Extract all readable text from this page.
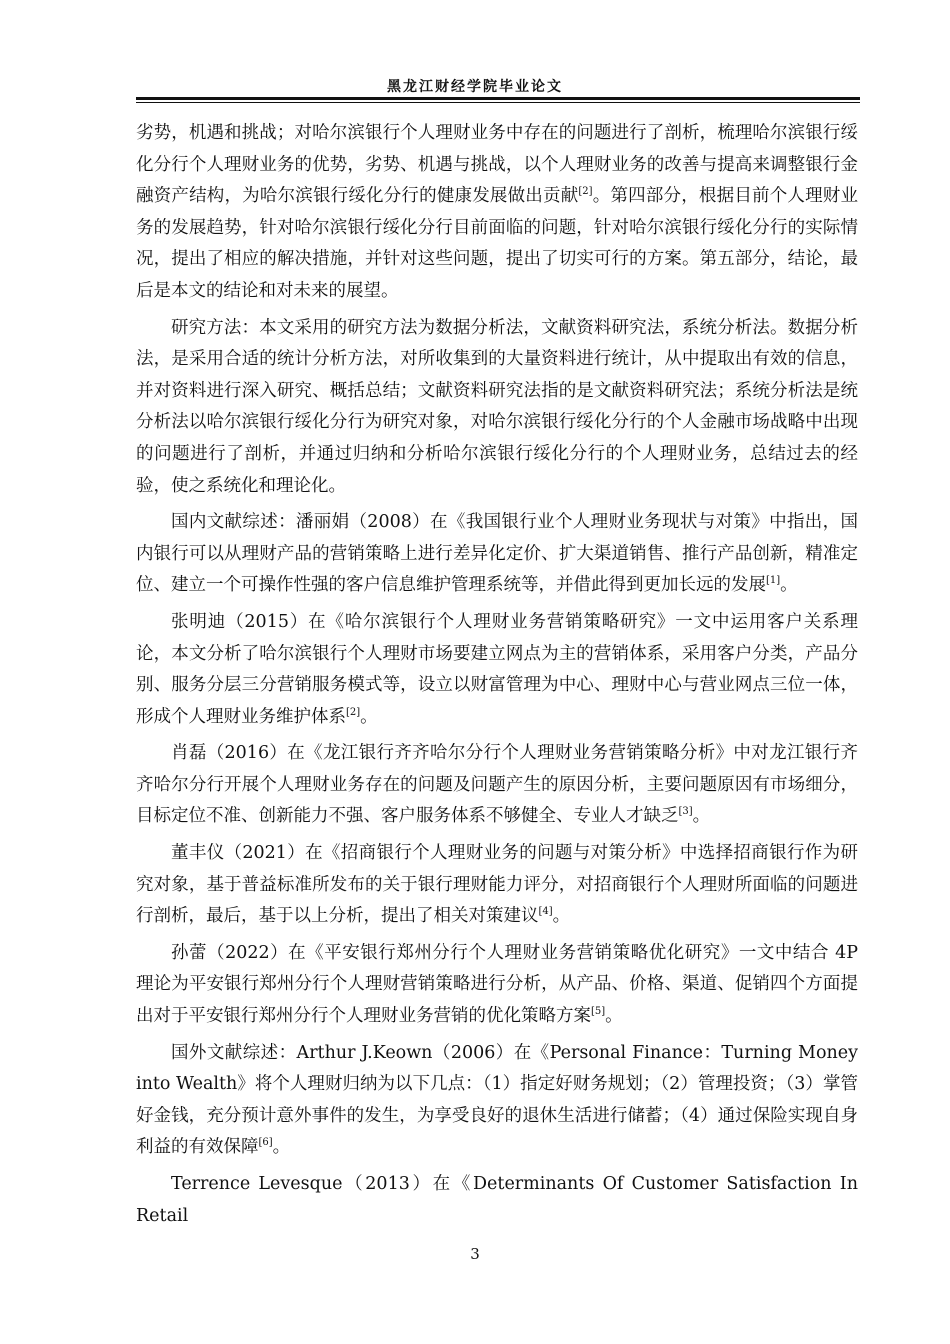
黑龙江财经学院毕业论文

劣势，机遇和挑战；对哈尔滨银行个人理财业务中存在的问题进行了剖析，梳理哈尔滨银行绥化分行个人理财业务的优势，劣势、机遇与挑战，以个人理财业务的改善与提高来调整银行金融资产结构，为哈尔滨银行绥化分行的健康发展做出贡献[2]。第四部分，根据目前个人理财业务的发展趋势，针对哈尔滨银行绥化分行目前面临的问题，针对哈尔滨银行绥化分行的实际情况，提出了相应的解决措施，并针对这些问题，提出了切实可行的方案。第五部分，结论，最后是本文的结论和对未来的展望。

研究方法：本文采用的研究方法为数据分析法，文献资料研究法，系统分析法。数据分析法，是采用合适的统计分析方法，对所收集到的大量资料进行统计，从中提取出有效的信息，并对资料进行深入研究、概括总结；文献资料研究法指的是文献资料研究法；系统分析法是统分析法以哈尔滨银行绥化分行为研究对象，对哈尔滨银行绥化分行的个人金融市场战略中出现的问题进行了剖析，并通过归纳和分析哈尔滨银行绥化分行的个人理财业务，总结过去的经验，使之系统化和理论化。

国内文献综述：潘丽娟（2008）在《我国银行业个人理财业务现状与对策》中指出，国内银行可以从理财产品的营销策略上进行差异化定价、扩大渠道销售、推行产品创新，精准定位、建立一个可操作性强的客户信息维护管理系统等，并借此得到更加长远的发展[1]。

张明迪（2015）在《哈尔滨银行个人理财业务营销策略研究》一文中运用客户关系理论，本文分析了哈尔滨银行个人理财市场要建立网点为主的营销体系，采用客户分类，产品分别、服务分层三分营销服务模式等，设立以财富管理为中心、理财中心与营业网点三位一体，形成个人理财业务维护体系[2]。

肖磊（2016）在《龙江银行齐齐哈尔分行个人理财业务营销策略分析》中对龙江银行齐齐哈尔分行开展个人理财业务存在的问题及问题产生的原因分析，主要问题原因有市场细分，目标定位不准、创新能力不强、客户服务体系不够健全、专业人才缺乏[3]。

董丰仪（2021）在《招商银行个人理财业务的问题与对策分析》中选择招商银行作为研究对象，基于普益标准所发布的关于银行理财能力评分，对招商银行个人理财所面临的问题进行剖析，最后，基于以上分析，提出了相关对策建议[4]。

孙蕾（2022）在《平安银行郑州分行个人理财业务营销策略优化研究》一文中结合 4P 理论为平安银行郑州分行个人理财营销策略进行分析，从产品、价格、渠道、促销四个方面提出对于平安银行郑州分行个人理财业务营销的优化策略方案[5]。

国外文献综述：Arthur J.Keown（2006）在《Personal Finance：Turning Money into Wealth》将个人理财归纳为以下几点：（1）指定好财务规划；（2）管理投资；（3）掌管好金钱，充分预计意外事件的发生，为享受良好的退休生活进行储蓄；（4）通过保险实现自身利益的有效保障[6]。

Terrence Levesque（2013）在《Determinants Of Customer Satisfaction In Retail

3
